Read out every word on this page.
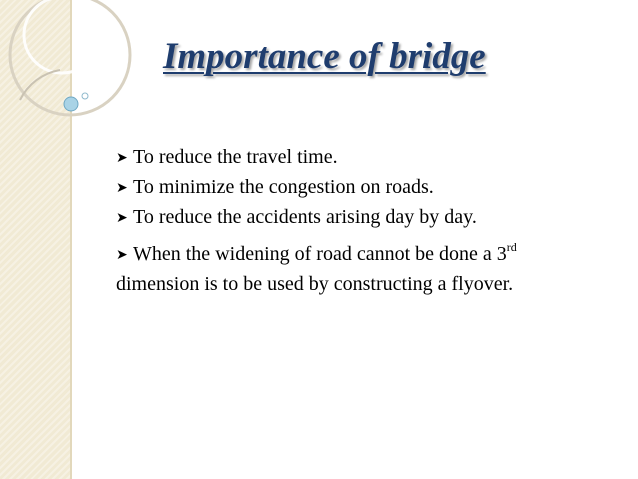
Importance of bridge
➤ To reduce the travel time.
➤ To minimize the congestion on roads.
➤ To reduce the accidents arising day by day.
➤ When the widening of road cannot be done a 3rd
dimension is to be used by constructing a flyover.
